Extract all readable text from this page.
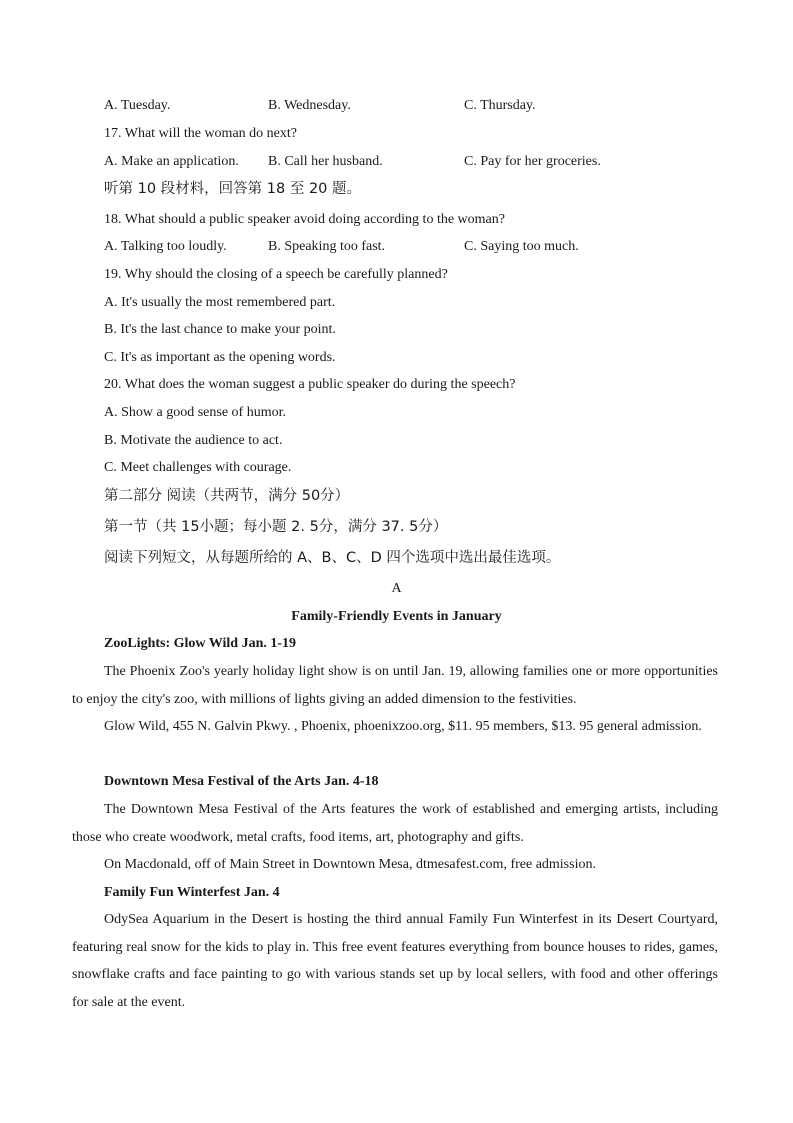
A. Tuesday.	B. Wednesday.	C. Thursday.
17. What will the woman do next?
A. Make an application. B. Call her husband.	C. Pay for her groceries.
听第 10 段材料，回答第 18 至 20 题。
18. What should a public speaker avoid doing according to the woman?
A. Talking too loudly.	B. Speaking too fast.	C. Saying too much.
19. Why should the closing of a speech be carefully planned?
A. It's usually the most remembered part.
B. It's the last chance to make your point.
C. It's as important as the opening words.
20. What does the woman suggest a public speaker do during the speech?
A. Show a good sense of humor.
B. Motivate the audience to act.
C. Meet challenges with courage.
第二部分 阅读（共两节，满分 50分）
第一节（共 15小题；每小题 2. 5分，满分 37. 5分）
阅读下列短文，从每题所给的 A、B、C、D 四个选项中选出最佳选项。
A
Family-Friendly Events in January
ZooLights: Glow Wild Jan. 1-19
The Phoenix Zoo's yearly holiday light show is on until Jan. 19, allowing families one or more opportunities to enjoy the city's zoo, with millions of lights giving an added dimension to the festivities.
Glow Wild, 455 N. Galvin Pkwy. , Phoenix, phoenixzoo.org, $11. 95 members, $13. 95 general admission.
Downtown Mesa Festival of the Arts Jan. 4-18
The Downtown Mesa Festival of the Arts features the work of established and emerging artists, including those who create woodwork, metal crafts, food items, art, photography and gifts.
On Macdonald, off of Main Street in Downtown Mesa, dtmesafest.com, free admission.
Family Fun Winterfest Jan. 4
OdySea Aquarium in the Desert is hosting the third annual Family Fun Winterfest in its Desert Courtyard, featuring real snow for the kids to play in. This free event features everything from bounce houses to rides, games, snowflake crafts and face painting to go with various stands set up by local sellers, with food and other offerings for sale at the event.
